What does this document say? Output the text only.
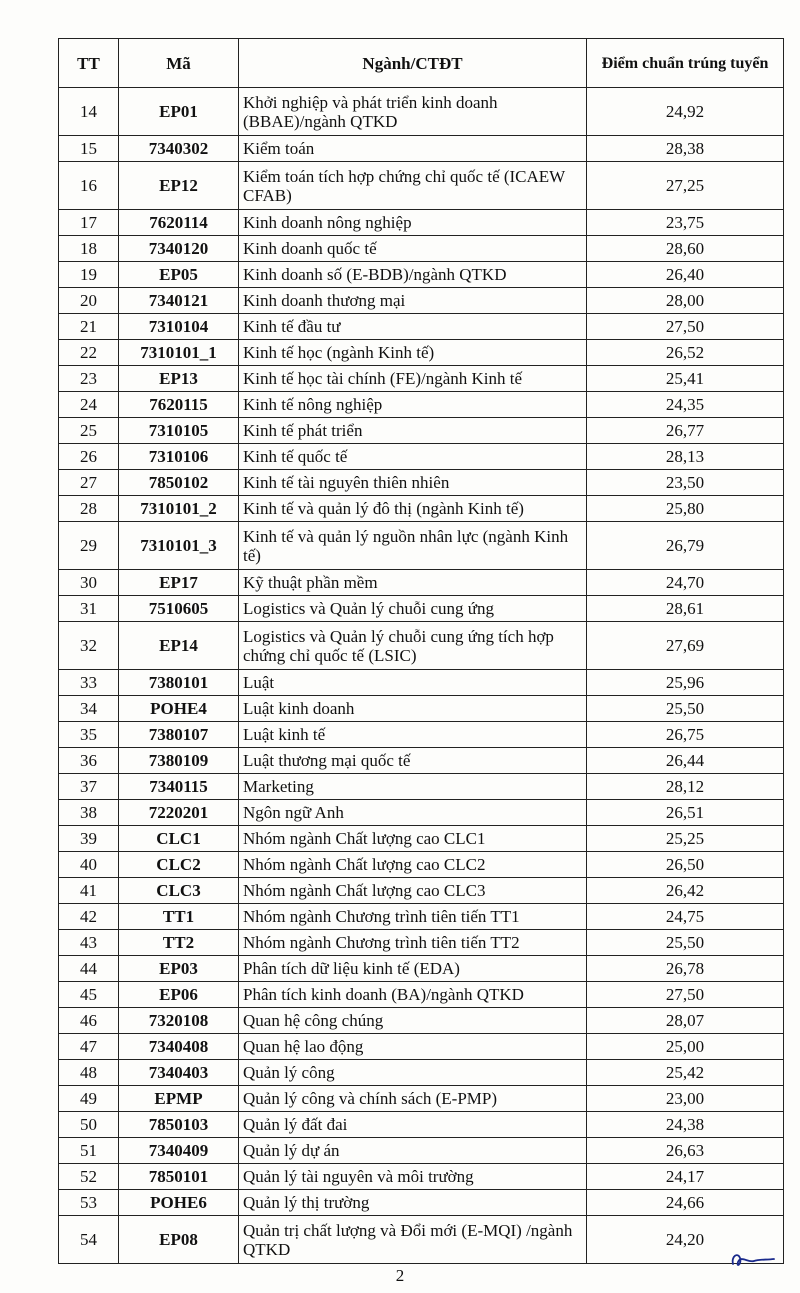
TT	Mã	Ngành/CTĐT	Điểm chuẩn trúng tuyển
14	EP01	Khởi nghiệp và phát triển kinh doanh (BBAE)/ngành QTKD	24,92
15	7340302	Kiểm toán	28,38
16	EP12	Kiểm toán tích hợp chứng chỉ quốc tế (ICAEW CFAB)	27,25
17	7620114	Kinh doanh nông nghiệp	23,75
18	7340120	Kinh doanh quốc tế	28,60
19	EP05	Kinh doanh số (E-BDB)/ngành QTKD	26,40
20	7340121	Kinh doanh thương mại	28,00
21	7310104	Kinh tế đầu tư	27,50
22	7310101_1	Kinh tế học (ngành Kinh tế)	26,52
23	EP13	Kinh tế học tài chính (FE)/ngành Kinh tế	25,41
24	7620115	Kinh tế nông nghiệp	24,35
25	7310105	Kinh tế phát triển	26,77
26	7310106	Kinh tế quốc tế	28,13
27	7850102	Kinh tế tài nguyên thiên nhiên	23,50
28	7310101_2	Kinh tế và quản lý đô thị (ngành Kinh tế)	25,80
29	7310101_3	Kinh tế và quản lý nguồn nhân lực (ngành Kinh tế)	26,79
30	EP17	Kỹ thuật phần mềm	24,70
31	7510605	Logistics và Quản lý chuỗi cung ứng	28,61
32	EP14	Logistics và Quản lý chuỗi cung ứng tích hợp chứng chỉ quốc tế (LSIC)	27,69
33	7380101	Luật	25,96
34	POHE4	Luật kinh doanh	25,50
35	7380107	Luật kinh tế	26,75
36	7380109	Luật thương mại quốc tế	26,44
37	7340115	Marketing	28,12
38	7220201	Ngôn ngữ Anh	26,51
39	CLC1	Nhóm ngành Chất lượng cao CLC1	25,25
40	CLC2	Nhóm ngành Chất lượng cao CLC2	26,50
41	CLC3	Nhóm ngành Chất lượng cao CLC3	26,42
42	TT1	Nhóm ngành Chương trình tiên tiến TT1	24,75
43	TT2	Nhóm ngành Chương trình tiên tiến TT2	25,50
44	EP03	Phân tích dữ liệu kinh tế (EDA)	26,78
45	EP06	Phân tích kinh doanh (BA)/ngành QTKD	27,50
46	7320108	Quan hệ công chúng	28,07
47	7340408	Quan hệ lao động	25,00
48	7340403	Quản lý công	25,42
49	EPMP	Quản lý công và chính sách (E-PMP)	23,00
50	7850103	Quản lý đất đai	24,38
51	7340409	Quản lý dự án	26,63
52	7850101	Quản lý tài nguyên và môi trường	24,17
53	POHE6	Quản lý thị trường	24,66
54	EP08	Quản trị chất lượng và Đổi mới (E-MQI) /ngành QTKD	24,20
2
